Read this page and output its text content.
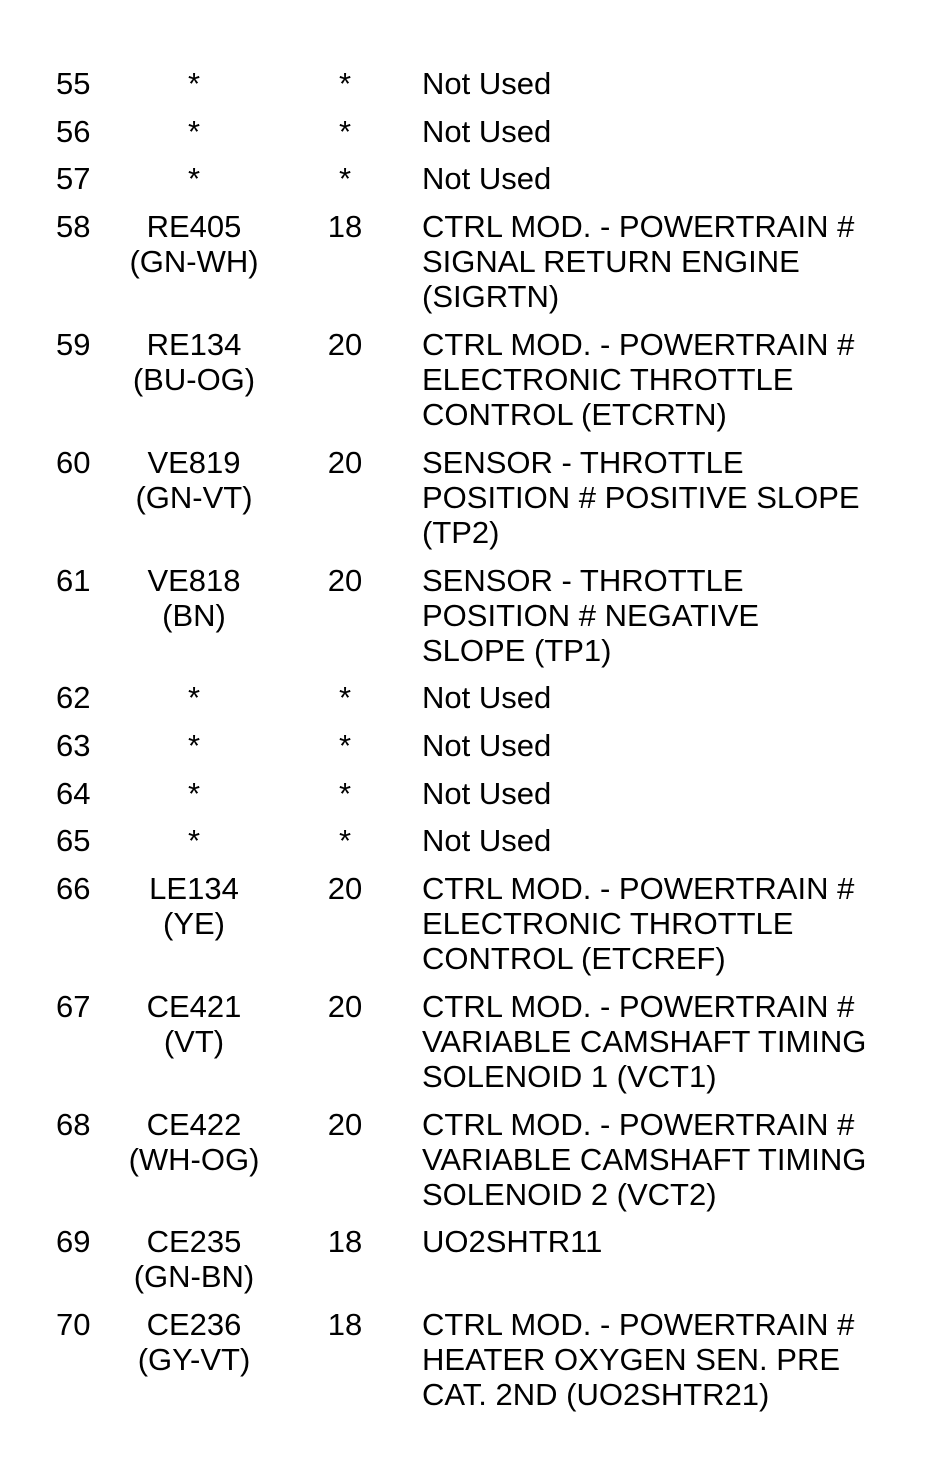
55	*	*	Not Used
56	*	*	Not Used
57	*	*	Not Used
58	RE405
(GN-WH)
18	CTRL MOD. - POWERTRAIN #
SIGNAL RETURN ENGINE
(SIGRTN)
59	RE134
(BU-OG)
20	CTRL MOD. - POWERTRAIN #
ELECTRONIC THROTTLE
CONTROL (ETCRTN)
60	VE819
(GN-VT)
20	SENSOR - THROTTLE
POSITION # POSITIVE SLOPE
(TP2)
61	VE818
(BN)
20	SENSOR - THROTTLE
POSITION # NEGATIVE
SLOPE (TP1)
62	*	*	Not Used
63	*	*	Not Used
64	*	*	Not Used
65	*	*	Not Used
66	LE134
(YE)
20	CTRL MOD. - POWERTRAIN #
ELECTRONIC THROTTLE
CONTROL (ETCREF)
67	CE421
(VT)
20	CTRL MOD. - POWERTRAIN #
VARIABLE CAMSHAFT TIMING
SOLENOID 1 (VCT1)
68	CE422
(WH-OG)
20	CTRL MOD. - POWERTRAIN #
VARIABLE CAMSHAFT TIMING
SOLENOID 2 (VCT2)
69	CE235
(GN-BN)
18	UO2SHTR11
70	CE236
(GY-VT)
18	CTRL MOD. - POWERTRAIN #
HEATER OXYGEN SEN. PRE
CAT. 2ND (UO2SHTR21)
